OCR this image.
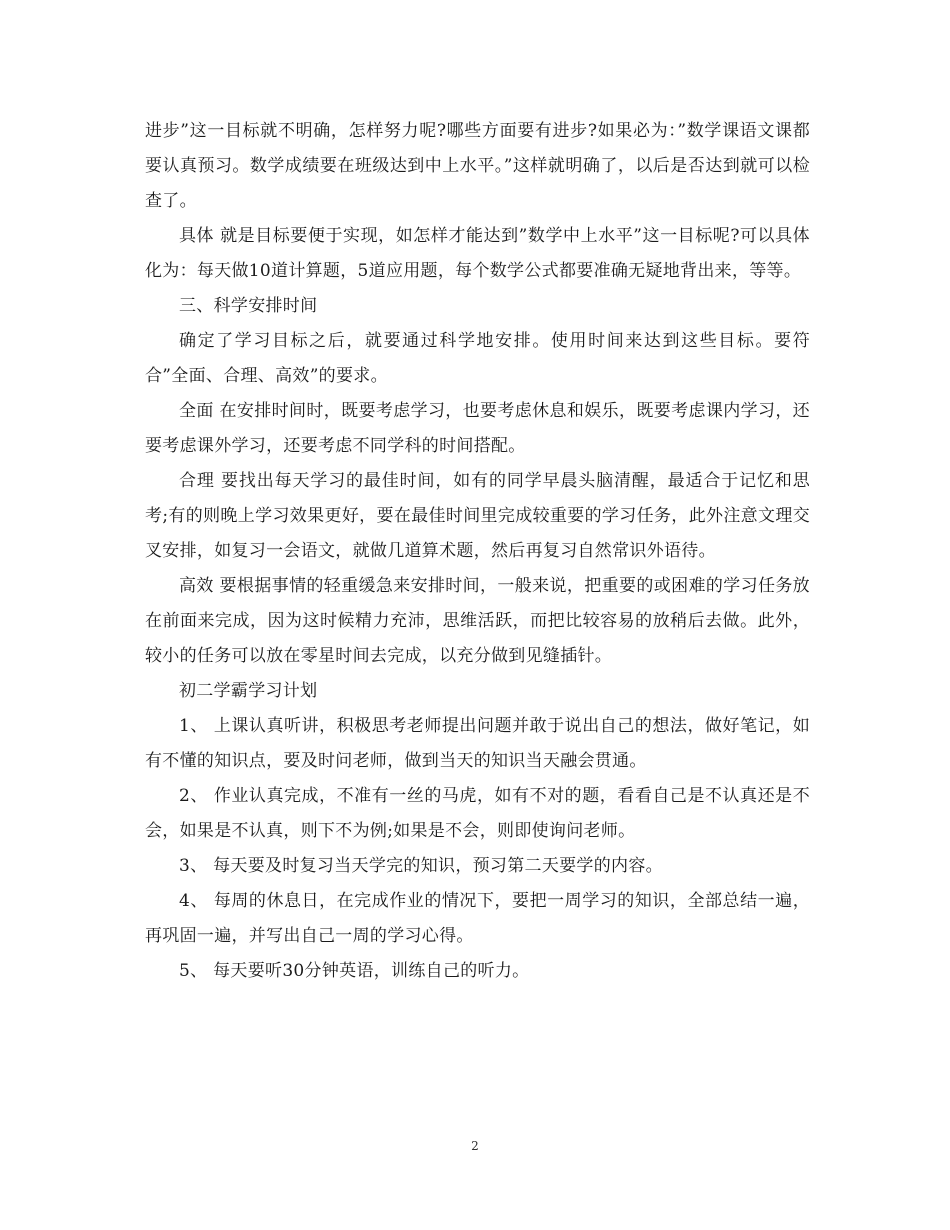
进步”这一目标就不明确，怎样努力呢?哪些方面要有进步?如果必为：”数学课语文课都要认真预习。数学成绩要在班级达到中上水平。”这样就明确了，以后是否达到就可以检查了。

具体 就是目标要便于实现，如怎样才能达到”数学中上水平”这一目标呢?可以具体化为：每天做10道计算题，5道应用题，每个数学公式都要准确无疑地背出来，等等。

三、科学安排时间

确定了学习目标之后，就要通过科学地安排。使用时间来达到这些目标。要符合”全面、合理、高效”的要求。

全面 在安排时间时，既要考虑学习，也要考虑休息和娱乐，既要考虑课内学习，还要考虑课外学习，还要考虑不同学科的时间搭配。

合理 要找出每天学习的最佳时间，如有的同学早晨头脑清醒，最适合于记忆和思考;有的则晚上学习效果更好，要在最佳时间里完成较重要的学习任务，此外注意文理交叉安排，如复习一会语文，就做几道算术题，然后再复习自然常识外语待。

高效 要根据事情的轻重缓急来安排时间，一般来说，把重要的或困难的学习任务放在前面来完成，因为这时候精力充沛，思维活跃，而把比较容易的放稍后去做。此外，较小的任务可以放在零星时间去完成，以充分做到见缝插针。

初二学霸学习计划

1、 上课认真听讲，积极思考老师提出问题并敢于说出自己的想法，做好笔记，如有不懂的知识点，要及时问老师，做到当天的知识当天融会贯通。

2、 作业认真完成，不准有一丝的马虎，如有不对的题，看看自己是不认真还是不会，如果是不认真，则下不为例;如果是不会，则即使询问老师。

3、 每天要及时复习当天学完的知识，预习第二天要学的内容。

4、 每周的休息日，在完成作业的情况下，要把一周学习的知识，全部总结一遍，再巩固一遍，并写出自己一周的学习心得。

5、 每天要听30分钟英语，训练自己的听力。

2
